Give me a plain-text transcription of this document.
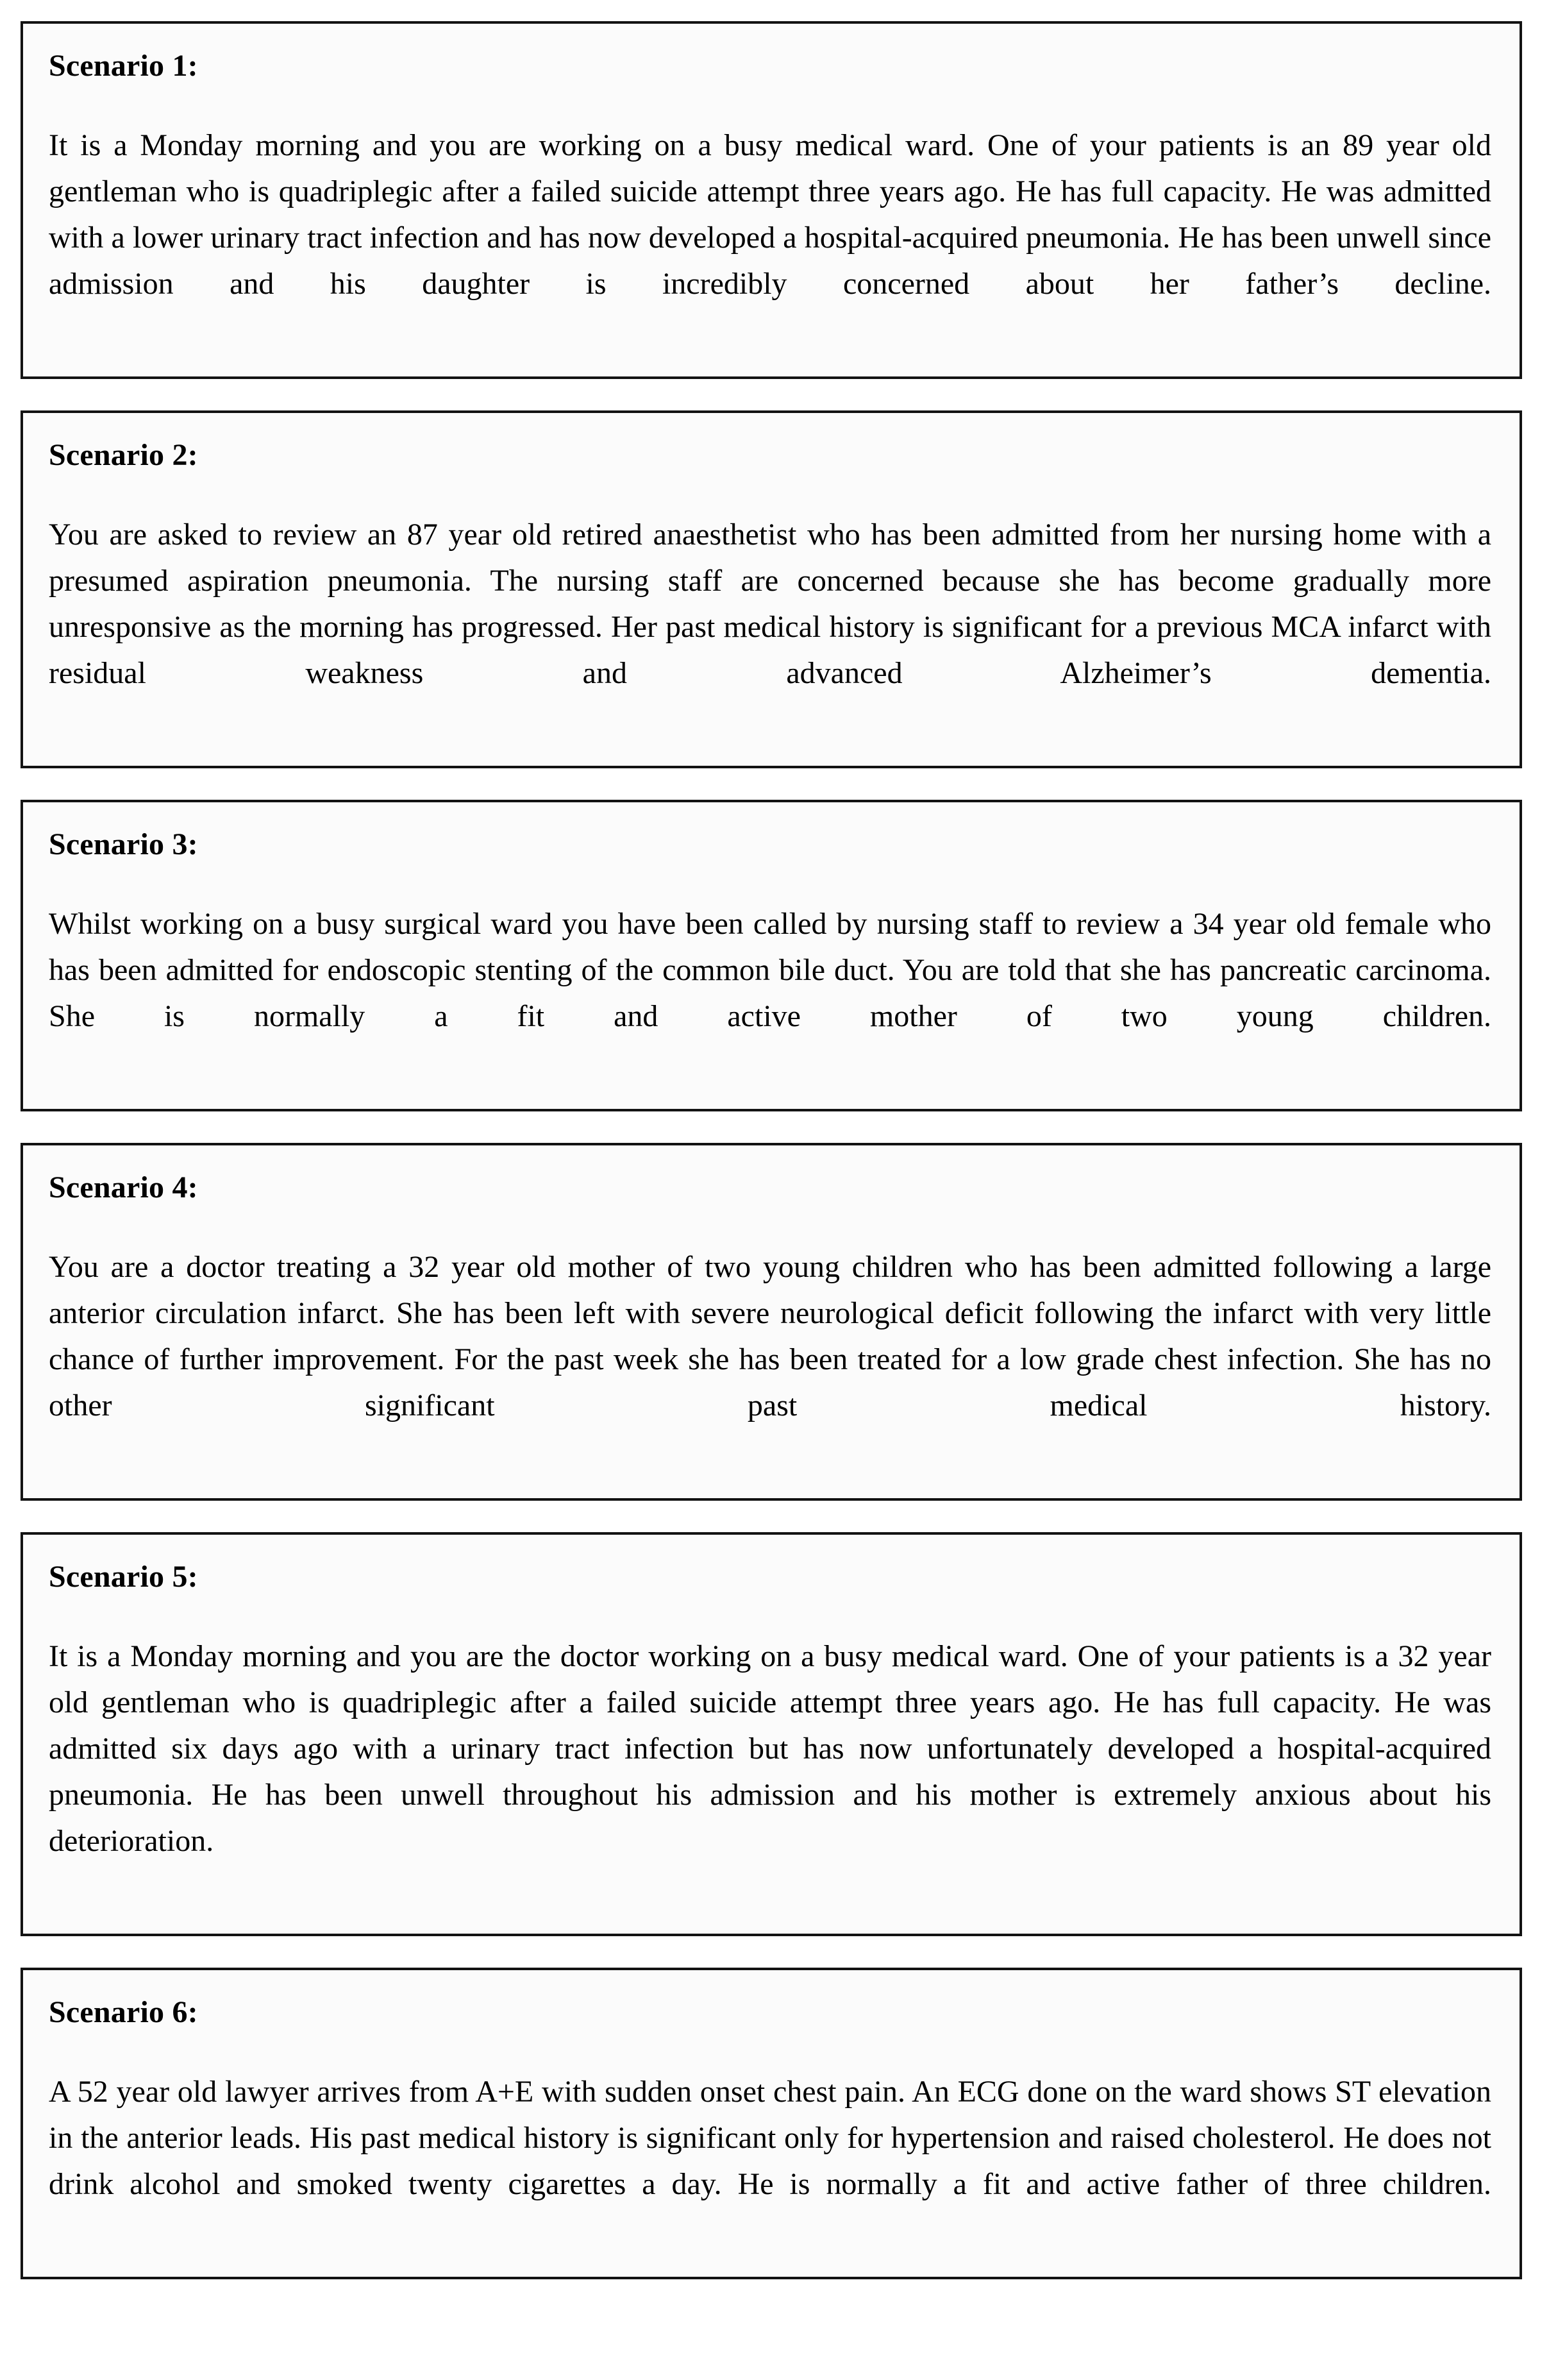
Scenario 1:
It is a Monday morning and you are working on a busy medical ward. One of your patients is an 89 year old gentleman who is quadriplegic after a failed suicide attempt three years ago. He has full capacity. He was admitted with a lower urinary tract infection and has now developed a hospital-acquired pneumonia. He has been unwell since admission and his daughter is incredibly concerned about her father’s decline.
Scenario 2:
You are asked to review an 87 year old retired anaesthetist who has been admitted from her nursing home with a presumed aspiration pneumonia. The nursing staff are concerned because she has become gradually more unresponsive as the morning has progressed. Her past medical history is significant for a previous MCA infarct with residual weakness and advanced Alzheimer’s dementia.
Scenario 3:
Whilst working on a busy surgical ward you have been called by nursing staff to review a 34 year old female who has been admitted for endoscopic stenting of the common bile duct. You are told that she has pancreatic carcinoma. She is normally a fit and active mother of two young children.
Scenario 4:
You are a doctor treating a 32 year old mother of two young children who has been admitted following a large anterior circulation infarct. She has been left with severe neurological deficit following the infarct with very little chance of further improvement. For the past week she has been treated for a low grade chest infection. She has no other significant past medical history.
Scenario 5:
It is a Monday morning and you are the doctor working on a busy medical ward. One of your patients is a 32 year old gentleman who is quadriplegic after a failed suicide attempt three years ago. He has full capacity. He was admitted six days ago with a urinary tract infection but has now unfortunately developed a hospital-acquired pneumonia. He has been unwell throughout his admission and his mother is extremely anxious about his deterioration.
Scenario 6:
A 52 year old lawyer arrives from A+E with sudden onset chest pain. An ECG done on the ward shows ST elevation in the anterior leads. His past medical history is significant only for hypertension and raised cholesterol. He does not drink alcohol and smoked twenty cigarettes a day. He is normally a fit and active father of three children.
